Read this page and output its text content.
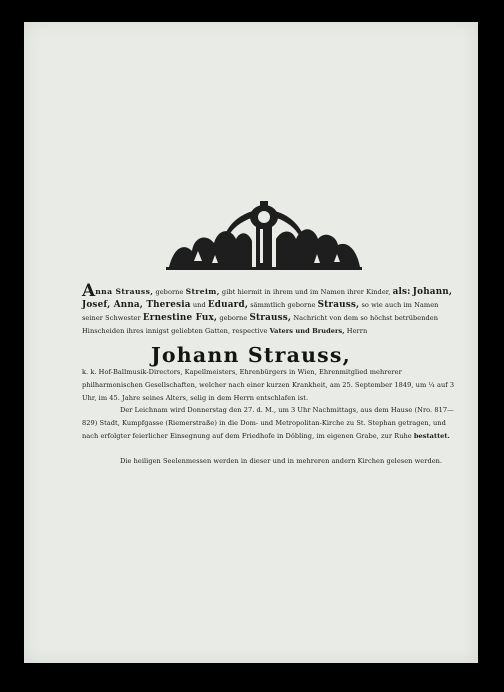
Anna Strauss, geborne Streim, gibt hiermit in ihrem und im Namen ihrer Kinder, als: Johann, Josef, Anna, Theresia und Eduard, sämmtlich geborne Strauss, so wie auch im Namen seiner Schwester Ernestine Fux, geborne Strauss, Nachricht von dem so höchst betrübenden Hinscheiden ihres innigst geliebten Gatten, respective Vaters und Bruders, Herrn
Johann Strauss,
k. k. Hof-Ballmusik-Directors, Kapellmeisters, Ehrenbürgers in Wien, Ehrenmitglied mehrerer philharmonischen Gesellschaften, welcher nach einer kurzen Krankheit, am 25. September 1849, um ¼ auf 3 Uhr, im 45. Jahre seines Alters, selig in dem Herrn entschlafen ist.
Der Leichnam wird Donnerstag den 27. d. M., um 3 Uhr Nachmittags, aus dem Hause (Nro. 817—829) Stadt, Kumpfgasse (Riemerstraße) in die Dom- und Metropolitan-Kirche zu St. Stephan getragen, und nach erfolgter feierlicher Einsegnung auf dem Friedhofe in Döbling, im eigenen Grabe, zur Ruhe bestattet.
Die heiligen Seelenmessen werden in dieser und in mehreren andern Kirchen gelesen werden.
